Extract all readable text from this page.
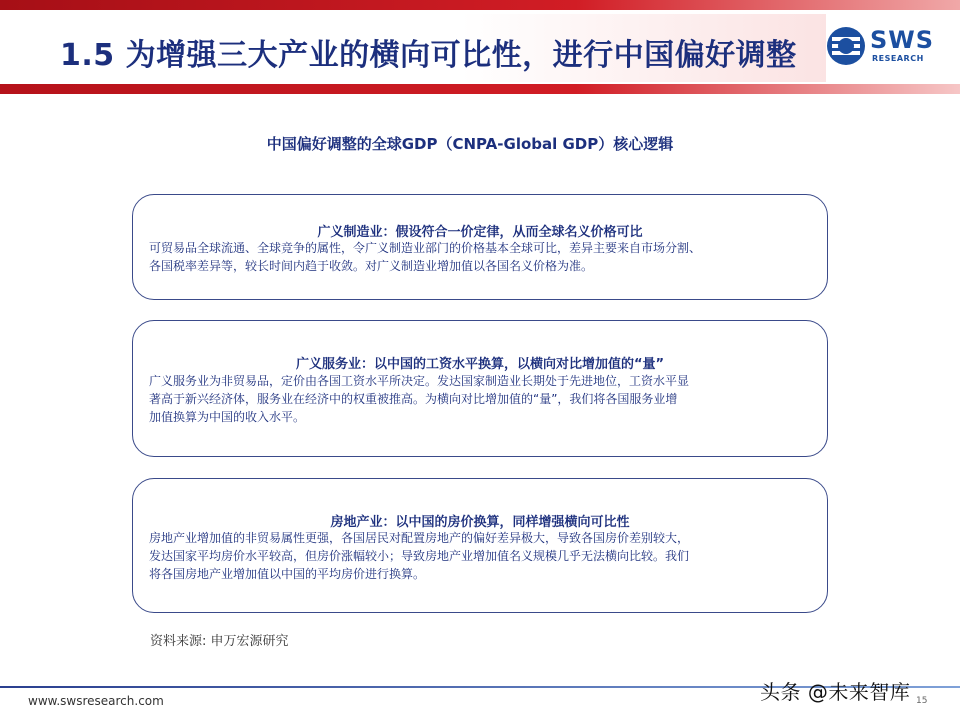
1.5 为增强三大产业的横向可比性，进行中国偏好调整	SWS
RESEARCH
中国偏好调整的全球GDP（CNPA-Global GDP）核心逻辑
广义制造业：假设符合一价定律，从而全球名义价格可比
可贸易品全球流通、全球竞争的属性，令广义制造业部门的价格基本全球可比，差异主要来自市场分割、
各国税率差异等，较长时间内趋于收敛。对广义制造业增加值以各国名义价格为准。
广义服务业：以中国的工资水平换算，以横向对比增加值的“量”
广义服务业为非贸易品，定价由各国工资水平所决定。发达国家制造业长期处于先进地位，工资水平显
著高于新兴经济体，服务业在经济中的权重被推高。为横向对比增加值的“量”，我们将各国服务业增
加值换算为中国的收入水平。
房地产业：以中国的房价换算，同样增强横向可比性
房地产业增加值的非贸易属性更强，各国居民对配置房地产的偏好差异极大，导致各国房价差别较大，
发达国家平均房价水平较高，但房价涨幅较小；导致房地产业增加值名义规模几乎无法横向比较。我们
将各国房地产业增加值以中国的平均房价进行换算。
资料来源: 申万宏源研究
www.swsresearch.com	头条 @未来智库 15
